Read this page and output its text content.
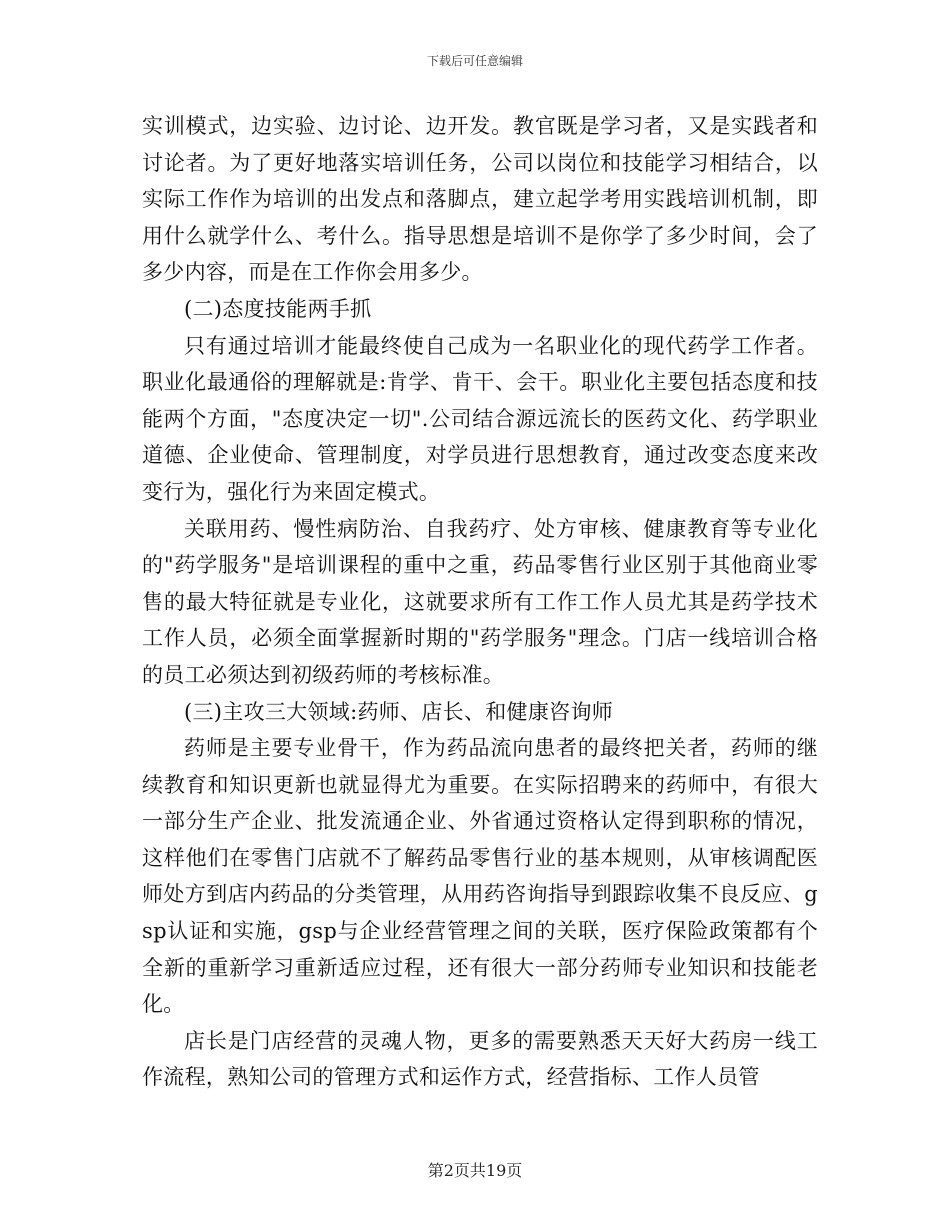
下载后可任意编辑

实训模式，边实验、边讨论、边开发。教官既是学习者，又是实践者和讨论者。为了更好地落实培训任务，公司以岗位和技能学习相结合，以实际工作作为培训的出发点和落脚点，建立起学考用实践培训机制，即用什么就学什么、考什么。指导思想是培训不是你学了多少时间，会了多少内容，而是在工作你会用多少。

(二)态度技能两手抓

只有通过培训才能最终使自己成为一名职业化的现代药学工作者。职业化最通俗的理解就是:肯学、肯干、会干。职业化主要包括态度和技能两个方面，"态度决定一切".公司结合源远流长的医药文化、药学职业道德、企业使命、管理制度，对学员进行思想教育，通过改变态度来改变行为，强化行为来固定模式。

关联用药、慢性病防治、自我药疗、处方审核、健康教育等专业化的"药学服务"是培训课程的重中之重，药品零售行业区别于其他商业零售的最大特征就是专业化，这就要求所有工作工作人员尤其是药学技术工作人员，必须全面掌握新时期的"药学服务"理念。门店一线培训合格的员工必须达到初级药师的考核标准。

(三)主攻三大领域:药师、店长、和健康咨询师

药师是主要专业骨干，作为药品流向患者的最终把关者，药师的继续教育和知识更新也就显得尤为重要。在实际招聘来的药师中，有很大一部分生产企业、批发流通企业、外省通过资格认定得到职称的情况，这样他们在零售门店就不了解药品零售行业的基本规则，从审核调配医师处方到店内药品的分类管理，从用药咨询指导到跟踪收集不良反应、gsp认证和实施，gsp与企业经营管理之间的关联，医疗保险政策都有个全新的重新学习重新适应过程，还有很大一部分药师专业知识和技能老化。

店长是门店经营的灵魂人物，更多的需要熟悉天天好大药房一线工作流程，熟知公司的管理方式和运作方式，经营指标、工作人员管

第2页共19页
